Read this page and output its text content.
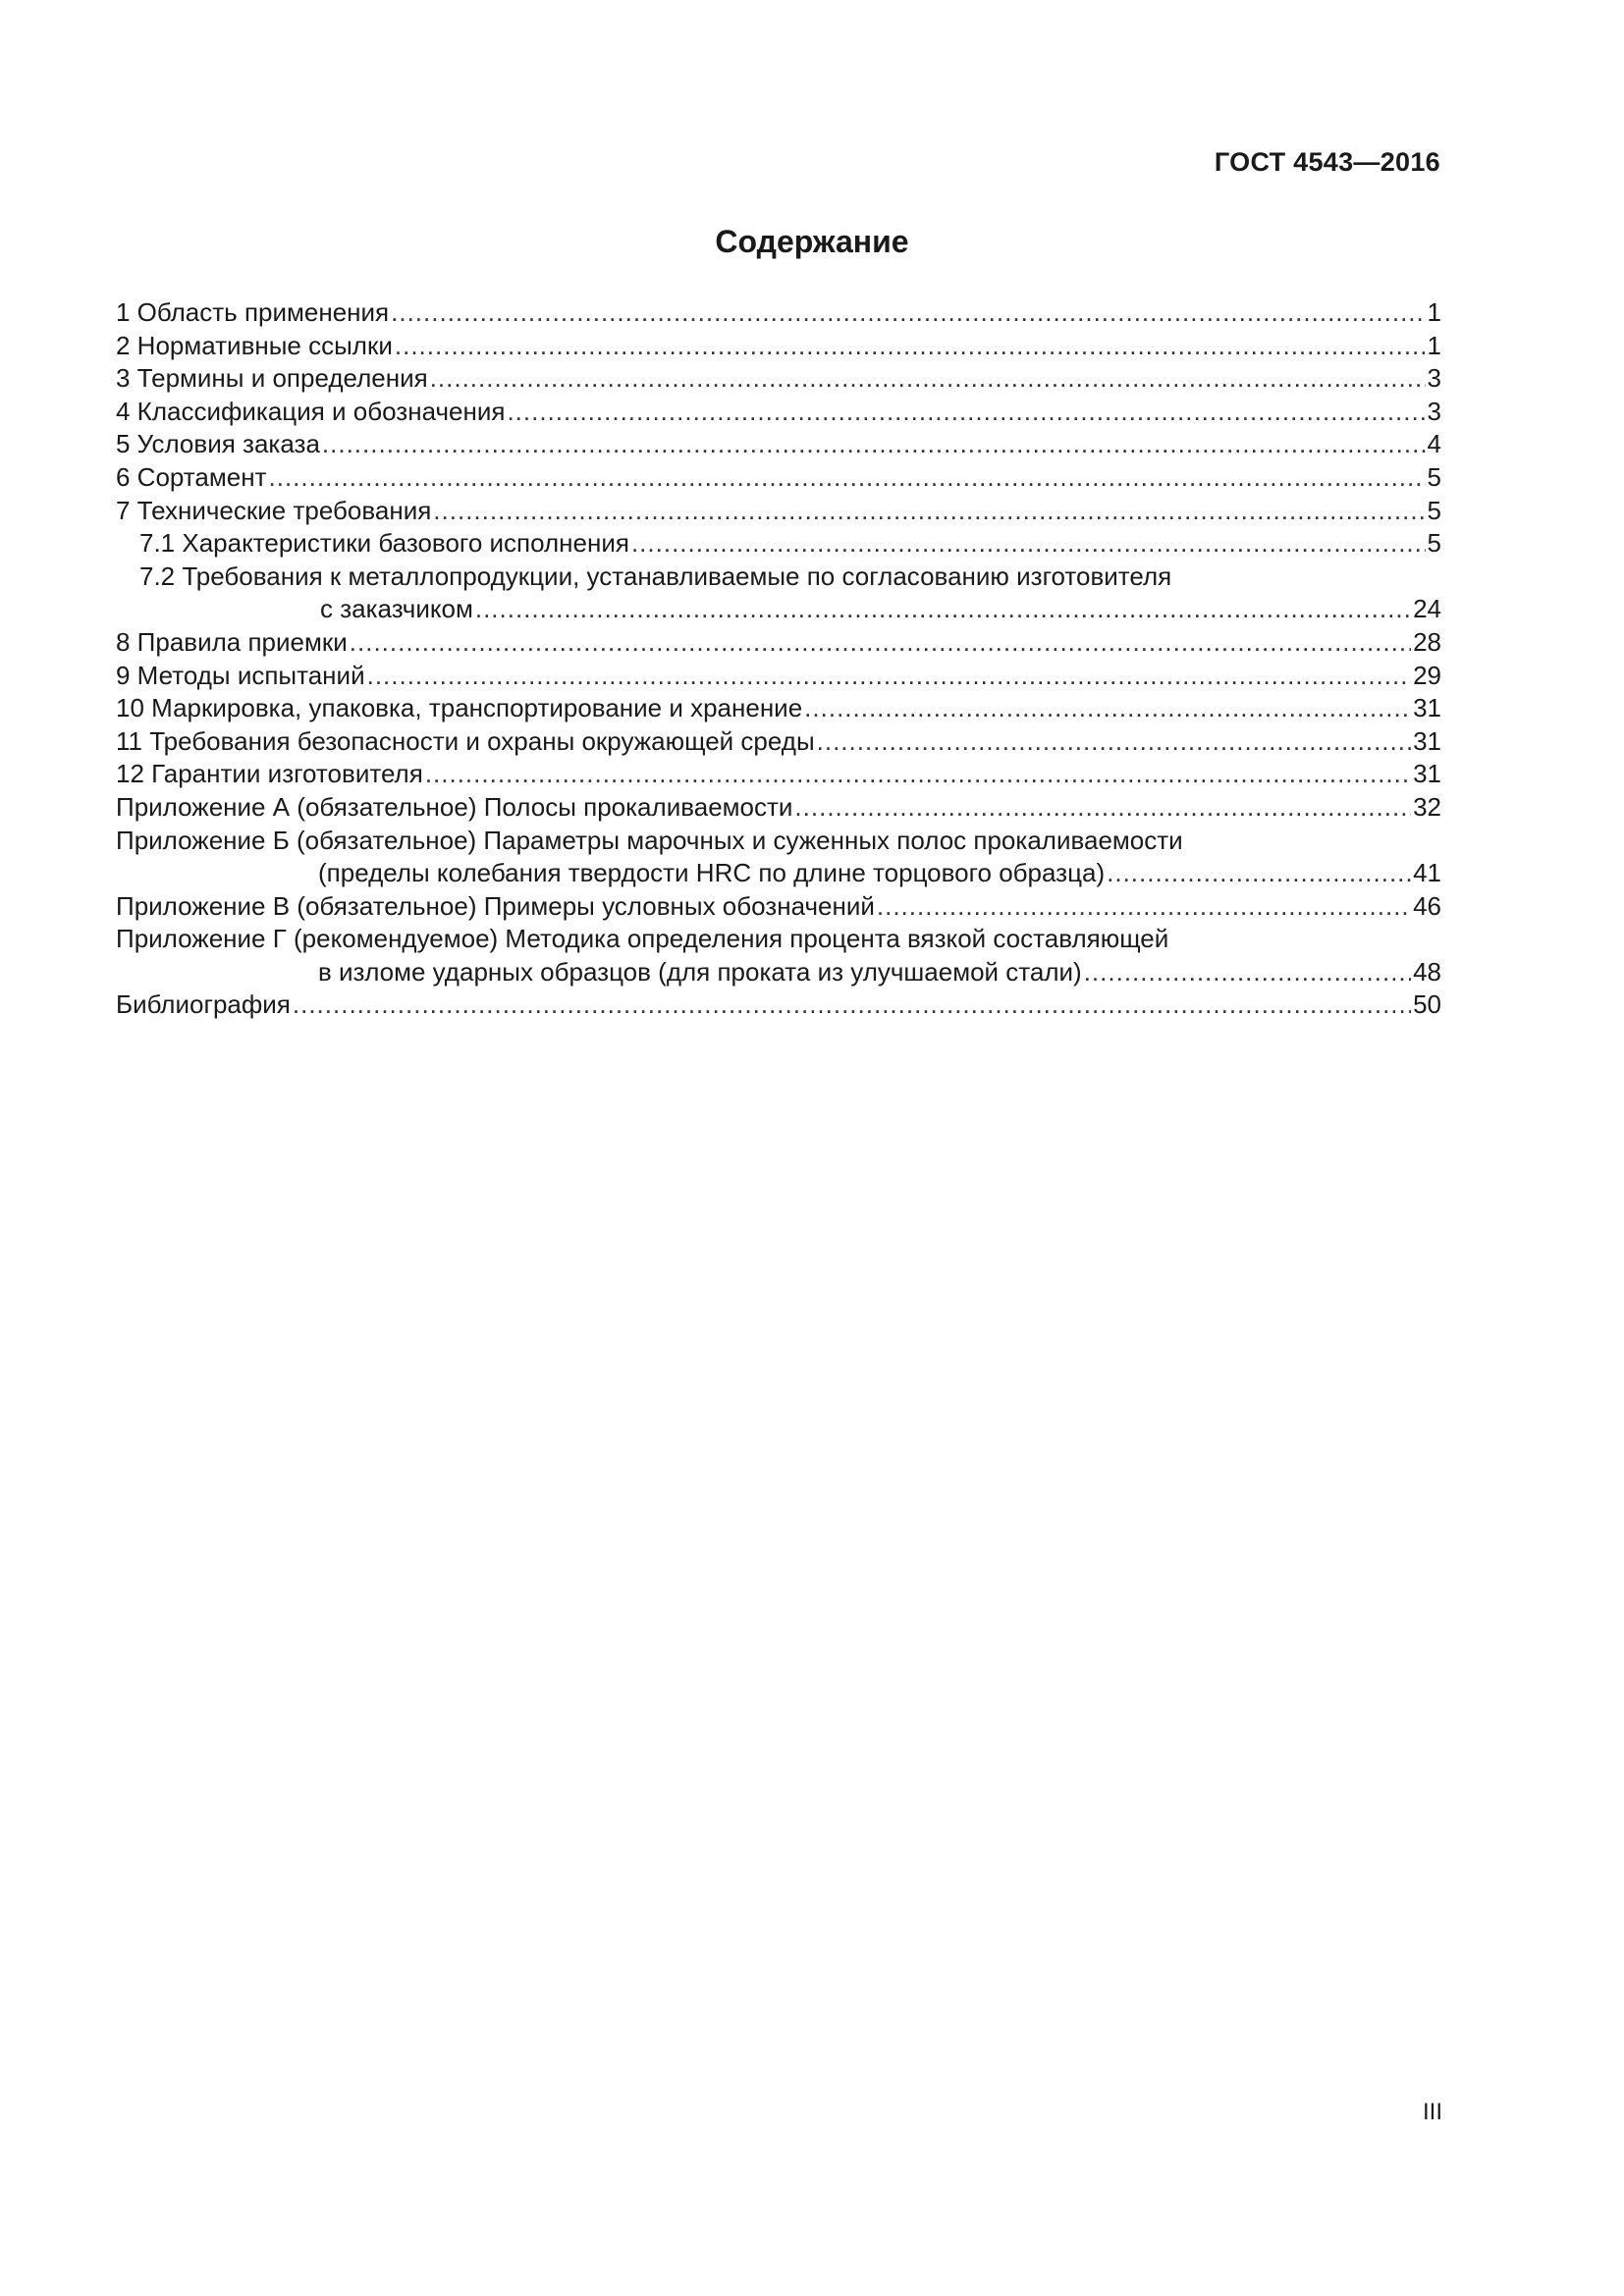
ГОСТ 4543—2016
Содержание
1 Область применения .....	1
2 Нормативные ссылки .....	1
3 Термины и определения .....	3
4 Классификация и обозначения .....	3
5 Условия заказа .....	4
6 Сортамент .....	5
7 Технические требования .....	5
7.1 Характеристики базового исполнения .....	5
7.2 Требования к металлопродукции, устанавливаемые по согласованию изготовителя
с заказчиком .....	24
8 Правила приемки .....	28
9 Методы испытаний .....	29
10 Маркировка, упаковка, транспортирование и хранение .....	31
11 Требования безопасности и охраны окружающей среды .....	31
12 Гарантии изготовителя .....	31
Приложение А (обязательное) Полосы прокаливаемости .....	32
Приложение Б (обязательное) Параметры марочных и суженных полос прокаливаемости
(пределы колебания твердости HRC по длине торцового образца) .....	41
Приложение В (обязательное) Примеры условных обозначений .....	46
Приложение Г (рекомендуемое) Методика определения процента вязкой составляющей
в изломе ударных образцов (для проката из улучшаемой стали) .....	48
Библиография .....	50
III
